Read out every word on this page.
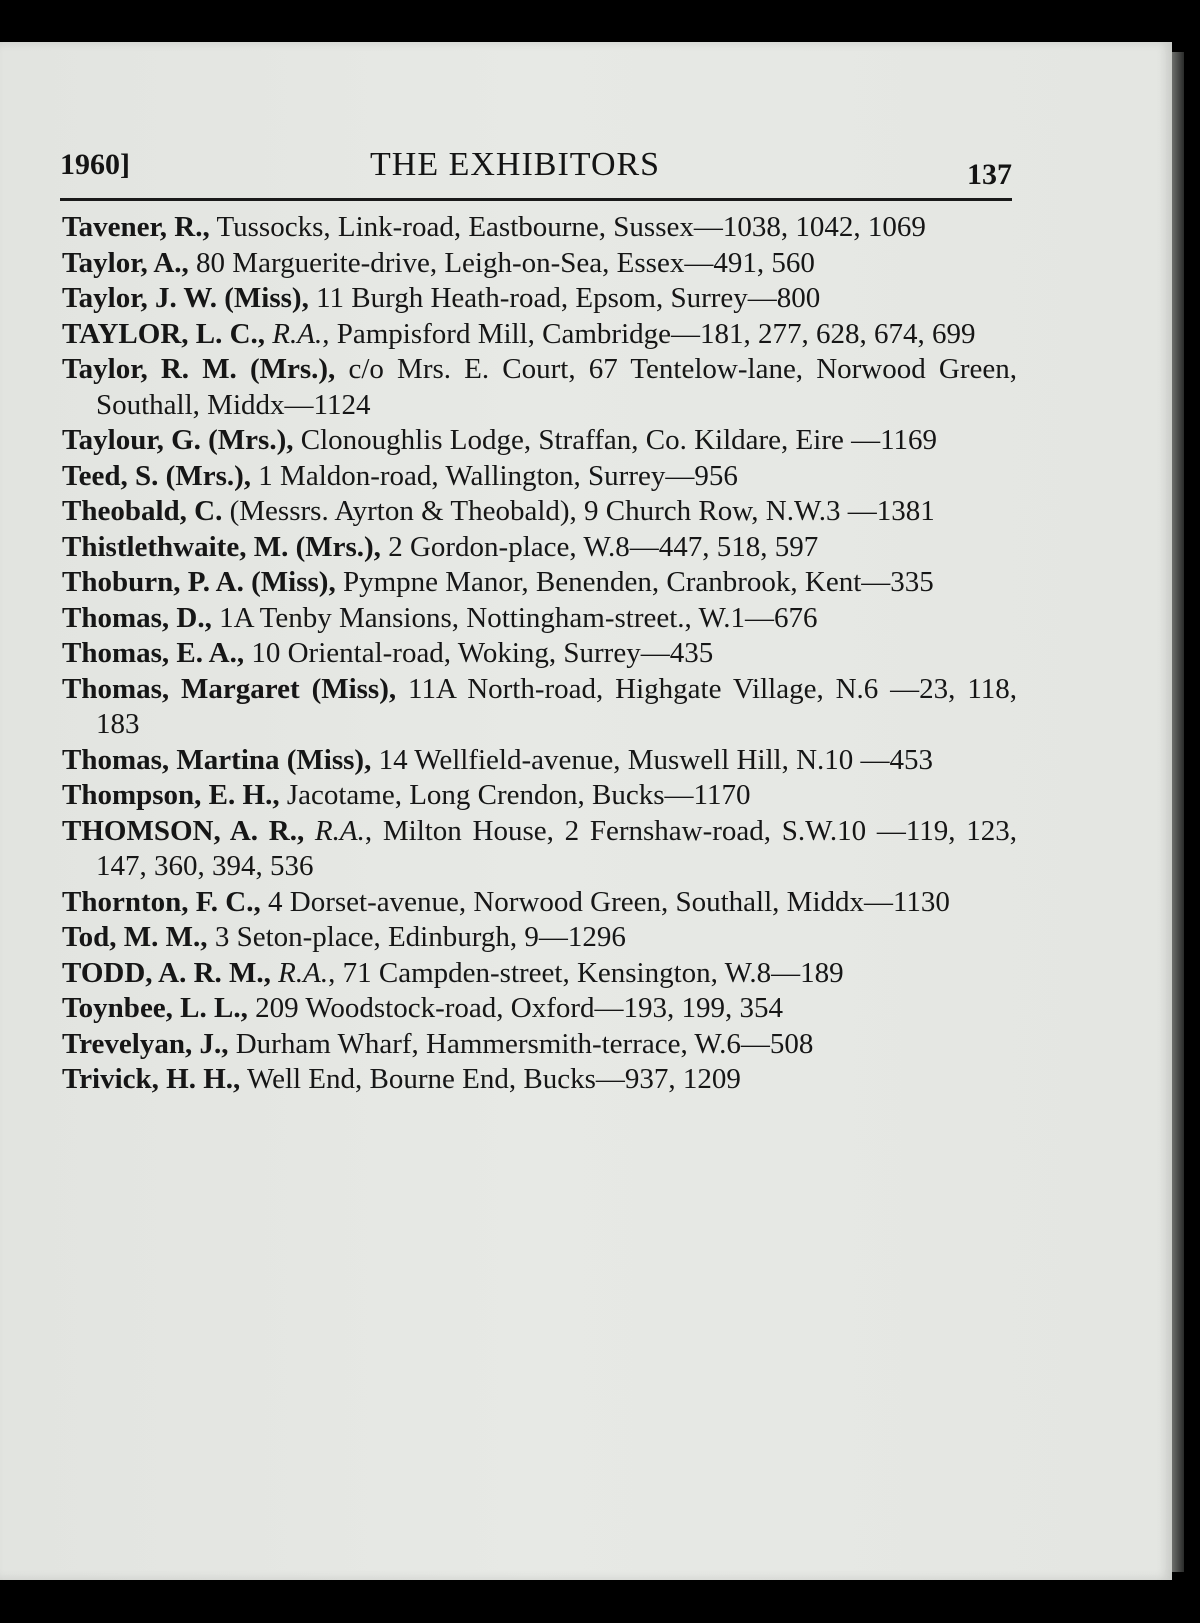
1960]	THE EXHIBITORS	137
Tavener, R., Tussocks, Link-road, Eastbourne, Sussex—1038, 1042, 1069
Taylor, A., 80 Marguerite-drive, Leigh-on-Sea, Essex—491, 560
Taylor, J. W. (Miss), 11 Burgh Heath-road, Epsom, Surrey—800
TAYLOR, L. C., R.A., Pampisford Mill, Cambridge—181, 277, 628, 674, 699
Taylor, R. M. (Mrs.), c/o Mrs. E. Court, 67 Tentelow-lane, Norwood Green, Southall, Middx—1124
Taylour, G. (Mrs.), Clonoughlis Lodge, Straffan, Co. Kildare, Eire —1169
Teed, S. (Mrs.), 1 Maldon-road, Wallington, Surrey—956
Theobald, C. (Messrs. Ayrton & Theobald), 9 Church Row, N.W.3 —1381
Thistlethwaite, M. (Mrs.), 2 Gordon-place, W.8—447, 518, 597
Thoburn, P. A. (Miss), Pympne Manor, Benenden, Cranbrook, Kent—335
Thomas, D., 1A Tenby Mansions, Nottingham-street., W.1—676
Thomas, E. A., 10 Oriental-road, Woking, Surrey—435
Thomas, Margaret (Miss), 11A North-road, Highgate Village, N.6 —23, 118, 183
Thomas, Martina (Miss), 14 Wellfield-avenue, Muswell Hill, N.10 —453
Thompson, E. H., Jacotame, Long Crendon, Bucks—1170
THOMSON, A. R., R.A., Milton House, 2 Fernshaw-road, S.W.10 —119, 123, 147, 360, 394, 536
Thornton, F. C., 4 Dorset-avenue, Norwood Green, Southall, Middx—1130
Tod, M. M., 3 Seton-place, Edinburgh, 9—1296
TODD, A. R. M., R.A., 71 Campden-street, Kensington, W.8—189
Toynbee, L. L., 209 Woodstock-road, Oxford—193, 199, 354
Trevelyan, J., Durham Wharf, Hammersmith-terrace, W.6—508
Trivick, H. H., Well End, Bourne End, Bucks—937, 1209
